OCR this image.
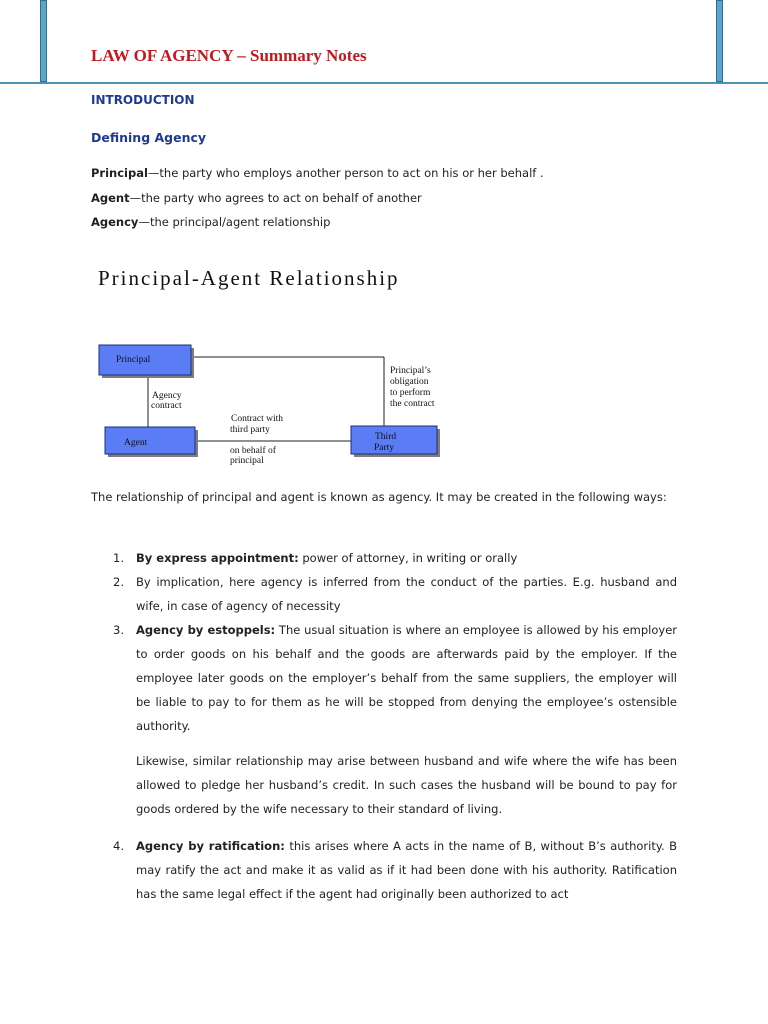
LAW OF AGENCY – Summary Notes
INTRODUCTION
Defining Agency
Principal—the party who employs another person to act on his or her behalf .
Agent—the party who agrees to act on behalf of another
Agency—the principal/agent relationship
Principal-Agent Relationship
Principal
Agent
Third
Party
Agency
contract
Contract with
third party
on behalf of
principal
Principal’s
obligation
to perform
the contract
The relationship of principal and agent is known as agency. It may be created in the following ways:
1.	By express appointment: power of attorney, in writing or orally
2.	By implication, here agency is inferred from the conduct of the parties. E.g. husband and wife, in case of agency of necessity
3.	Agency by estoppels: The usual situation is where an employee is allowed by his employer to order goods on his behalf and the goods are afterwards paid by the employer. If the employee later goods on the employer’s behalf from the same suppliers, the employer will be liable to pay to for them as he will be stopped from denying the employee’s ostensible authority.
Likewise, similar relationship may arise between husband and wife where the wife has been allowed to pledge her husband’s credit. In such cases the husband will be bound to pay for goods ordered by the wife necessary to their standard of living.
4.	Agency by ratification: this arises where A acts in the name of B, without B’s authority. B may ratify the act and make it as valid as if it had been done with his authority. Ratification has the same legal effect if the agent had originally been authorized to act
